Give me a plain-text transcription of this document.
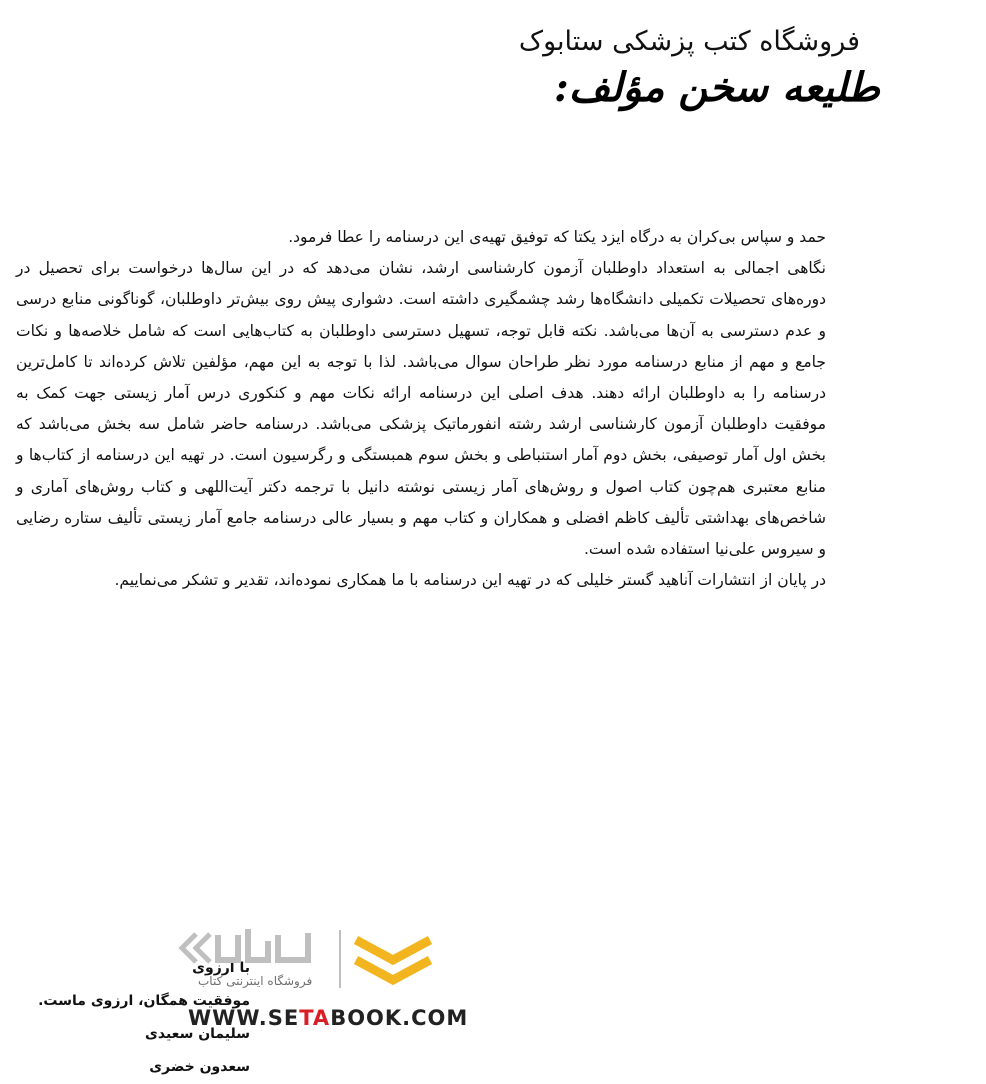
فروشگاه کتب پزشکی ستابوک
طلیعه سخن مؤلف:

حمد و سپاس بی‌کران به درگاه ایزد یکتا که توفیق تهیه‌ی این درسنامه را عطا فرمود.

نگاهی اجمالی به استعداد داوطلبان آزمون کارشناسی ارشد، نشان می‌دهد که در این سال‌ها درخواست برای تحصیل در دوره‌های تحصیلات تکمیلی دانشگاه‌ها رشد چشمگیری داشته است. دشواری پیش روی بیش‌تر داوطلبان، گوناگونی منابع درسی و عدم دسترسی به آن‌ها می‌باشد. نکته قابل توجه، تسهیل دسترسی داوطلبان به کتاب‌هایی است که شامل خلاصه‌ها و نکات جامع و مهم از منابع درسنامه مورد نظر طراحان سوال می‌باشد. لذا با توجه به این مهم، مؤلفین تلاش کرده‌اند تا کامل‌ترین درسنامه را به داوطلبان ارائه دهند. هدف اصلی این درسنامه ارائه نکات مهم و کنکوری درس آمار زیستی جهت کمک به موفقیت داوطلبان آزمون کارشناسی ارشد رشته انفورماتیک پزشکی می‌باشد. درسنامه حاضر شامل سه بخش می‌باشد که بخش اول آمار توصیفی، بخش دوم آمار استنباطی و بخش سوم همبستگی و رگرسیون است. در تهیه این درسنامه از کتاب‌ها و منابع معتبری هم‌چون کتاب اصول و روش‌های آمار زیستی نوشته دانیل با ترجمه دکتر آیت‌اللهی و کتاب روش‌های آماری و شاخص‌های بهداشتی تألیف کاظم افضلی و همکاران و کتاب مهم و بسیار عالی درسنامه جامع آمار زیستی تألیف ستاره رضایی و سیروس علی‌نیا استفاده شده است.

در پایان از انتشارات آناهید گستر خلیلی که در تهیه این درسنامه با ما همکاری نموده‌اند، تقدیر و تشکر می‌نماییم.

با آرزوی
موفقیت همگان، ارزوی ماست.
سلیمان سعیدی
سعدون خضری
فروشگاه اینترنتی کتاب
WWW.SETABOOK.COM
